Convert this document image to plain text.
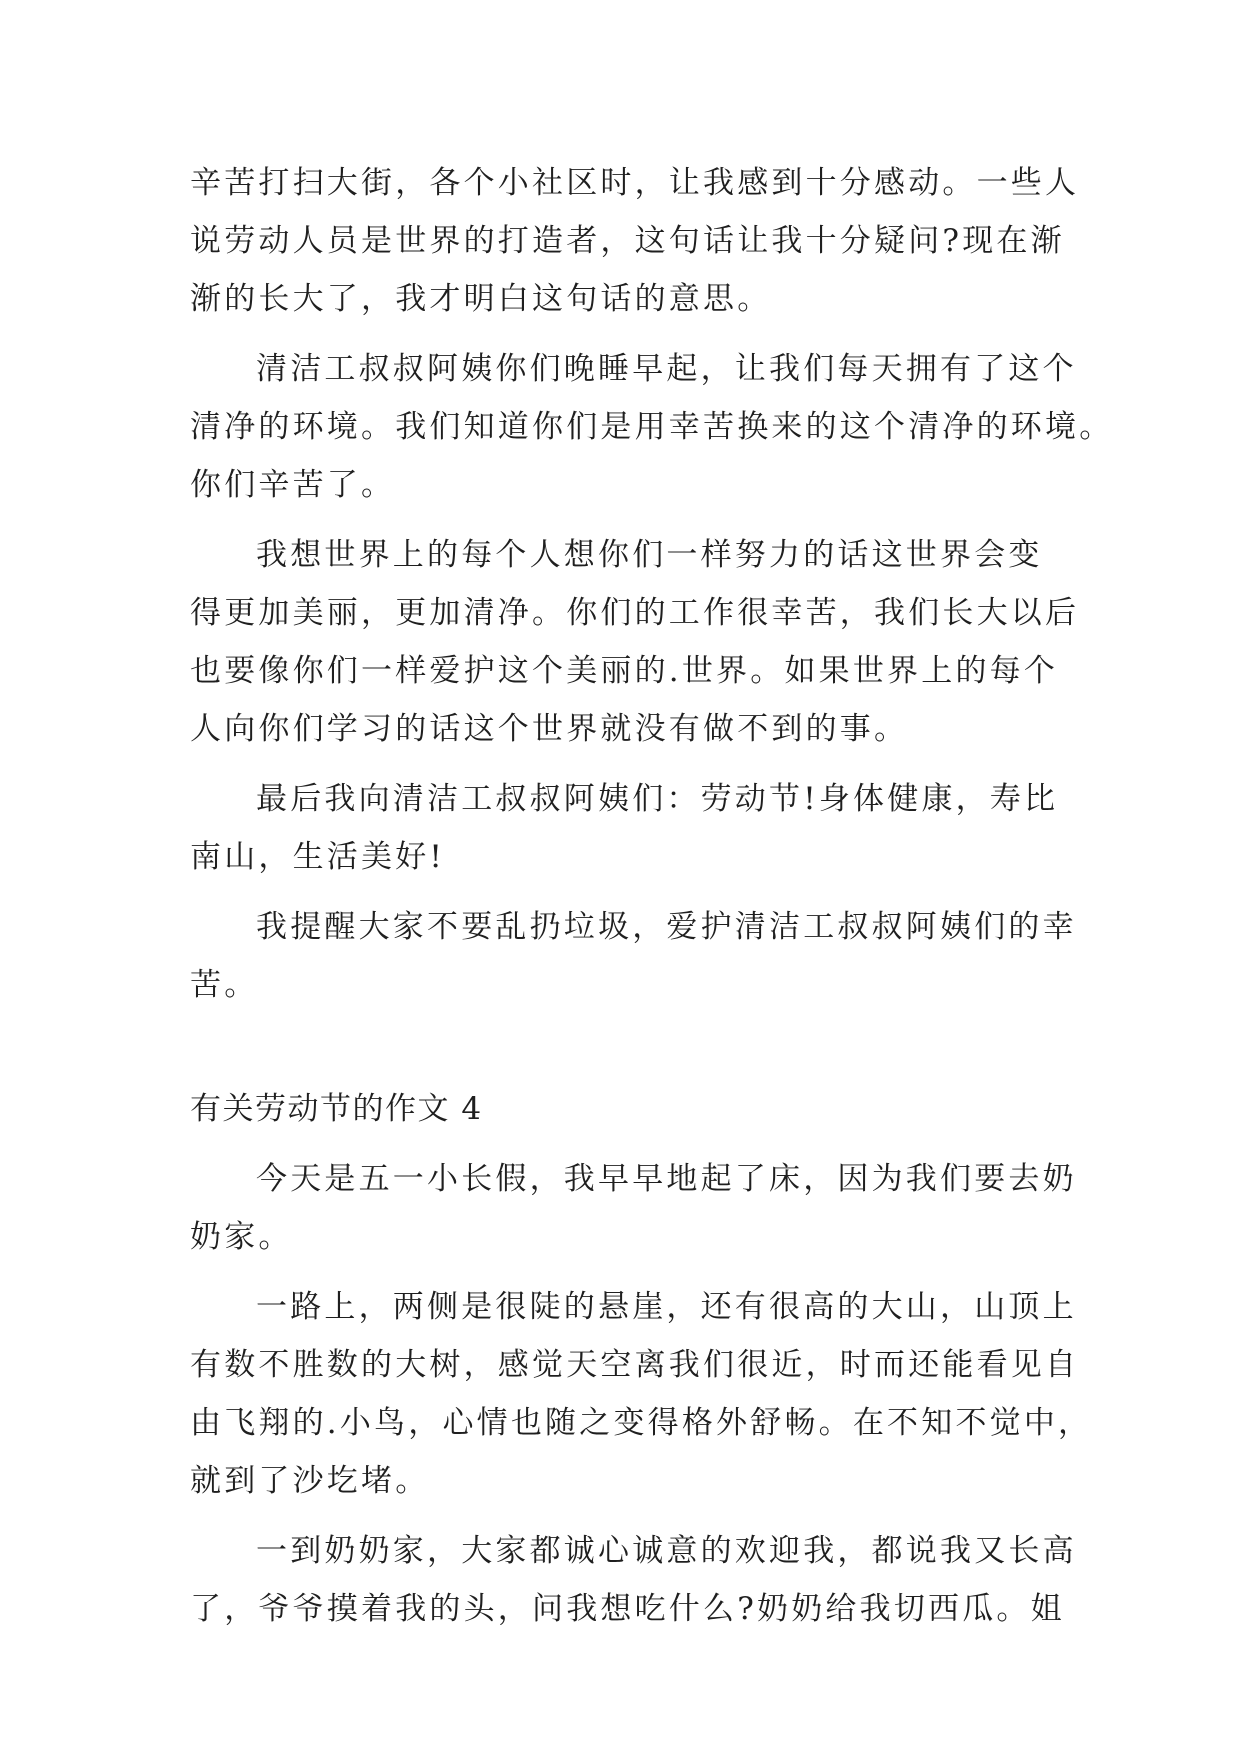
辛苦打扫大街，各个小社区时，让我感到十分感动。一些人
说劳动人员是世界的打造者，这句话让我十分疑问?现在渐
渐的长大了，我才明白这句话的意思。
清洁工叔叔阿姨你们晚睡早起，让我们每天拥有了这个
清净的环境。我们知道你们是用幸苦换来的这个清净的环境。
你们辛苦了。
我想世界上的每个人想你们一样努力的话这世界会变
得更加美丽，更加清净。你们的工作很幸苦，我们长大以后
也要像你们一样爱护这个美丽的.世界。如果世界上的每个
人向你们学习的话这个世界就没有做不到的事。
最后我向清洁工叔叔阿姨们：劳动节!身体健康，寿比
南山，生活美好!
我提醒大家不要乱扔垃圾，爱护清洁工叔叔阿姨们的幸
苦。
有关劳动节的作文 4
今天是五一小长假，我早早地起了床，因为我们要去奶
奶家。
一路上，两侧是很陡的悬崖，还有很高的大山，山顶上
有数不胜数的大树，感觉天空离我们很近，时而还能看见自
由飞翔的.小鸟，心情也随之变得格外舒畅。在不知不觉中，
就到了沙圪堵。
一到奶奶家，大家都诚心诚意的欢迎我，都说我又长高
了，爷爷摸着我的头，问我想吃什么?奶奶给我切西瓜。姐
